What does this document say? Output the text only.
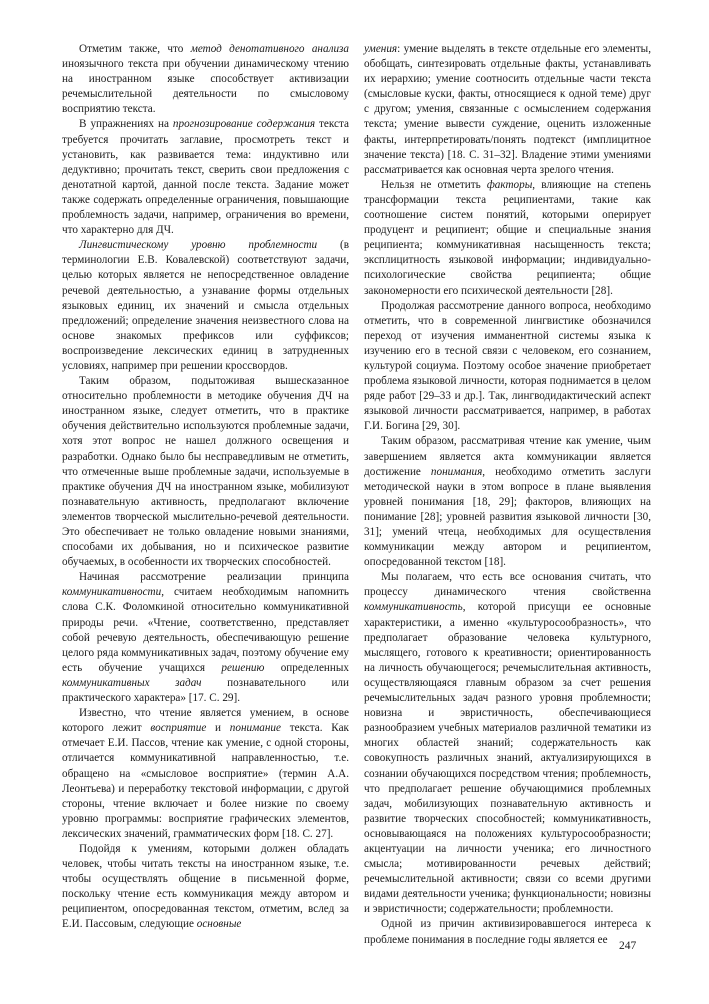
Отметим также, что метод денотативного анализа иноязычного текста при обучении динамическому чтению на иностранном языке способствует активизации речемыслительной деятельности по смысловому восприятию текста.

В упражнениях на прогнозирование содержания текста требуется прочитать заглавие, просмотреть текст и установить, как развивается тема: индуктивно или дедуктивно; прочитать текст, сверить свои предложения с денотатной картой, данной после текста. Задание может также содержать определенные ограничения, повышающие проблемность задачи, например, ограничения во времени, что характерно для ДЧ.

Лингвистическому уровню проблемности (в терминологии Е.В. Ковалевской) соответствуют задачи, целью которых является не непосредственное овладение речевой деятельностью, а узнавание формы отдельных языковых единиц, их значений и смысла отдельных предложений; определение значения неизвестного слова на основе знакомых префиксов или суффиксов; воспроизведение лексических единиц в затрудненных условиях, например при решении кроссвордов.

Таким образом, подытоживая вышесказанное относительно проблемности в методике обучения ДЧ на иностранном языке, следует отметить, что в практике обучения действительно используются проблемные задачи, хотя этот вопрос не нашел должного освещения и разработки. Однако было бы несправедливым не отметить, что отмеченные выше проблемные задачи, используемые в практике обучения ДЧ на иностранном языке, мобилизуют познавательную активность, предполагают включение элементов творческой мыслительно-речевой деятельности. Это обеспечивает не только овладение новыми знаниями, способами их добывания, но и психическое развитие обучаемых, в особенности их творческих способностей.

Начиная рассмотрение реализации принципа коммуникативности, считаем необходимым напомнить слова С.К. Фоломкиной относительно коммуникативной природы речи. «Чтение, соответственно, представляет собой речевую деятельность, обеспечивающую решение целого ряда коммуникативных задач, поэтому обучение ему есть обучение учащихся решению определенных коммуникативных задач познавательного или практического характера» [17. С. 29].

Известно, что чтение является умением, в основе которого лежит восприятие и понимание текста. Как отмечает Е.И. Пассов, чтение как умение, с одной стороны, отличается коммуникативной направленностью, т.е. обращено на «смысловое восприятие» (термин А.А. Леонтьева) и переработку текстовой информации, с другой стороны, чтение включает и более низкие по своему уровню программы: восприятие графических элементов, лексических значений, грамматических форм [18. С. 27].

Подойдя к умениям, которыми должен обладать человек, чтобы читать тексты на иностранном языке, т.е. чтобы осуществлять общение в письменной форме, поскольку чтение есть коммуникация между автором и реципиентом, опосредованная текстом, отметим, вслед за Е.И. Пассовым, следующие основные

умения: умение выделять в тексте отдельные его элементы, обобщать, синтезировать отдельные факты, устанавливать их иерархию; умение соотносить отдельные части текста (смысловые куски, факты, относящиеся к одной теме) друг с другом; умения, связанные с осмыслением содержания текста; умение вывести суждение, оценить изложенные факты, интерпретировать/понять подтекст (имплицитное значение текста) [18. С. 31–32]. Владение этими умениями рассматривается как основная черта зрелого чтения.

Нельзя не отметить факторы, влияющие на степень трансформации текста реципиентами, такие как соотношение систем понятий, которыми оперирует продуцент и реципиент; общие и специальные знания реципиента; коммуникативная насыщенность текста; эксплицитность языковой информации; индивидуально-психологические свойства реципиента; общие закономерности его психической деятельности [28].

Продолжая рассмотрение данного вопроса, необходимо отметить, что в современной лингвистике обозначился переход от изучения имманентной системы языка к изучению его в тесной связи с человеком, его сознанием, культурой социума. Поэтому особое значение приобретает проблема языковой личности, которая поднимается в целом ряде работ [29–33 и др.]. Так, лингводидактический аспект языковой личности рассматривается, например, в работах Г.И. Богина [29, 30].

Таким образом, рассматривая чтение как умение, чьим завершением является акта коммуникации является достижение понимания, необходимо отметить заслуги методической науки в этом вопросе в плане выявления уровней понимания [18, 29]; факторов, влияющих на понимание [28]; уровней развития языковой личности [30, 31]; умений чтеца, необходимых для осуществления коммуникации между автором и реципиентом, опосредованной текстом [18].

Мы полагаем, что есть все основания считать, что процессу динамического чтения свойственна коммуникативность, которой присущи ее основные характеристики, а именно «культуросообразность», что предполагает образование человека культурного, мыслящего, готового к креативности; ориентированность на личность обучающегося; речемыслительная активность, осуществляющаяся главным образом за счет решения речемыслительных задач разного уровня проблемности; новизна и эвристичность, обеспечивающиеся разнообразием учебных материалов различной тематики из многих областей знаний; содержательность как совокупность различных знаний, актуализирующихся в сознании обучающихся посредством чтения; проблемность, что предполагает решение обучающимися проблемных задач, мобилизующих познавательную активность и развитие творческих способностей; коммуникативность, основывающаяся на положениях культуросообразности; акцентуации на личности ученика; его личностного смысла; мотивированности речевых действий; речемыслительной активности; связи со всеми другими видами деятельности ученика; функциональности; новизны и эвристичности; содержательности; проблемности.

Одной из причин активизировавшегося интереса к проблеме понимания в последние годы является ее

247
